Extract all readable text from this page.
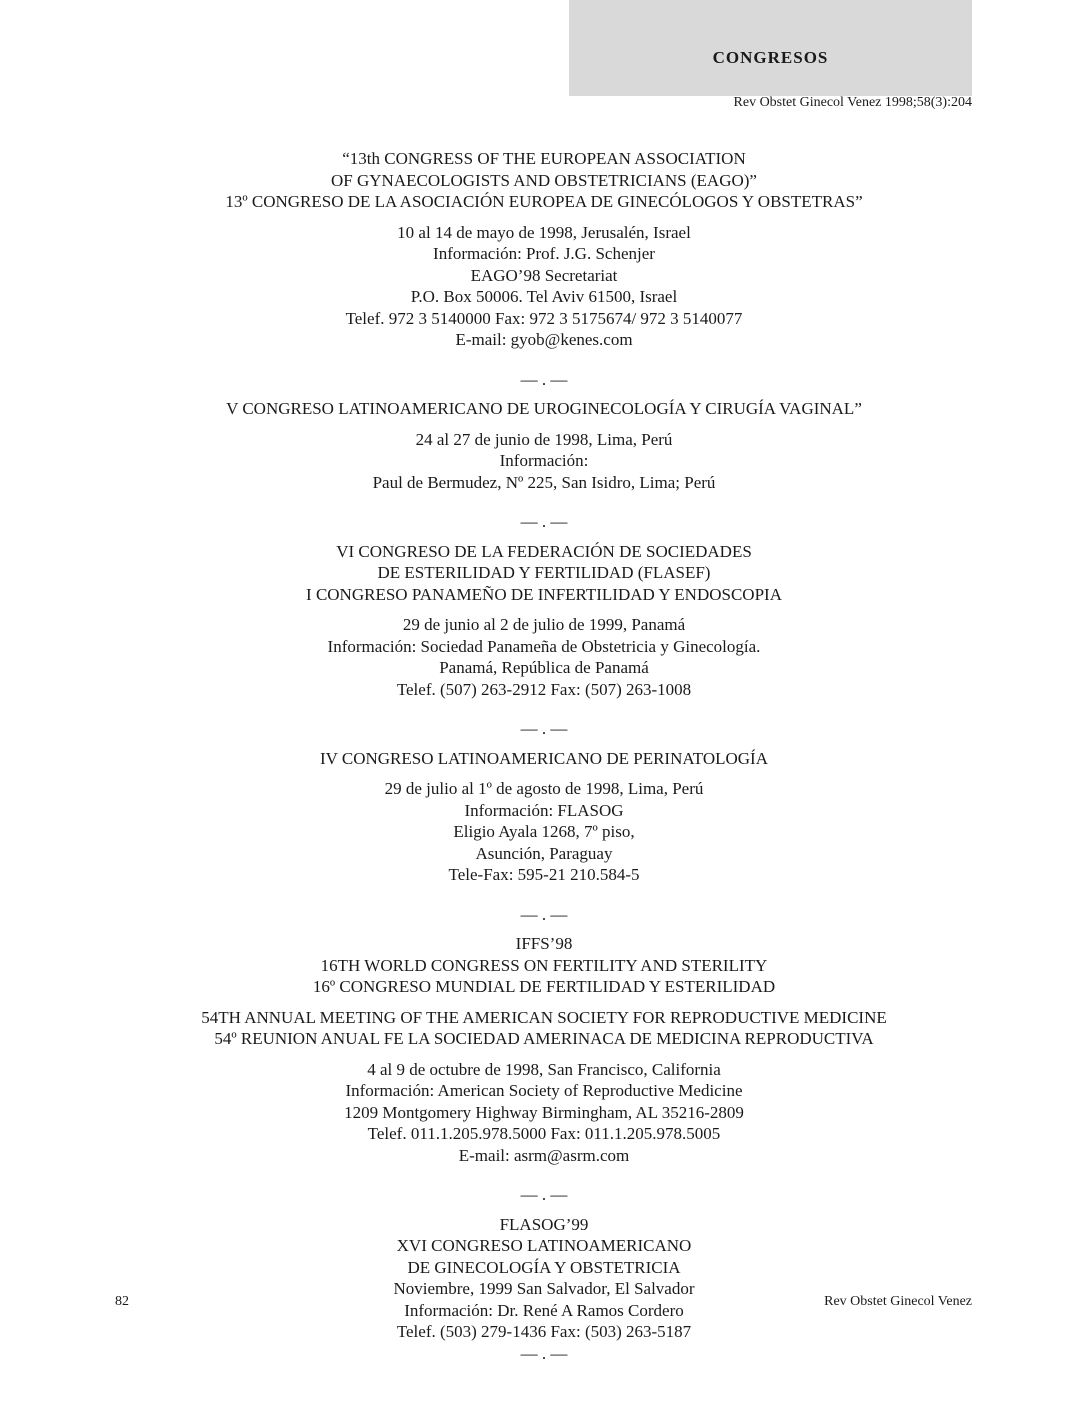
CONGRESOS
Rev Obstet Ginecol Venez 1998;58(3):204
“13th CONGRESS OF THE EUROPEAN ASSOCIATION
OF GYNAECOLOGISTS AND OBSTETRICIANS (EAGO)”
13º CONGRESO DE LA ASOCIACIÓN EUROPEA DE GINECÓLOGOS Y OBSTETRAS”
10 al 14 de mayo de 1998, Jerusalén, Israel
Información: Prof. J.G. Schenjer
EAGO’98 Secretariat
P.O. Box 50006. Tel Aviv 61500, Israel
Telef. 972 3 5140000 Fax: 972 3 5175674/ 972 3 5140077
E-mail: gyob@kenes.com
— . —
V CONGRESO LATINOAMERICANO DE UROGINECOLOGÍA Y CIRUGÍA VAGINAL”
24 al 27 de junio de 1998, Lima, Perú
Información:
Paul de Bermudez, Nº 225, San Isidro, Lima; Perú
— . —
VI CONGRESO DE LA FEDERACIÓN DE SOCIEDADES
DE ESTERILIDAD Y FERTILIDAD (FLASEF)
I CONGRESO PANAMEÑO DE INFERTILIDAD Y ENDOSCOPIA
29 de junio al 2 de julio de 1999, Panamá
Información: Sociedad Panameña de Obstetricia y Ginecología.
Panamá, República de Panamá
Telef. (507) 263-2912 Fax: (507) 263-1008
— . —
IV CONGRESO LATINOAMERICANO DE PERINATOLOGÍA
29 de julio al 1º de agosto de 1998, Lima, Perú
Información: FLASOG
Eligio Ayala 1268, 7º piso,
Asunción, Paraguay
Tele-Fax: 595-21 210.584-5
— . —
IFFS’98
16TH WORLD CONGRESS ON FERTILITY AND STERILITY
16º CONGRESO MUNDIAL DE FERTILIDAD Y ESTERILIDAD
54TH ANNUAL MEETING OF THE AMERICAN SOCIETY FOR REPRODUCTIVE MEDICINE
54º REUNION ANUAL FE LA SOCIEDAD AMERINACA DE MEDICINA REPRODUCTIVA
4 al 9 de octubre de 1998, San Francisco, California
Información: American Society of Reproductive Medicine
1209 Montgomery Highway Birmingham, AL 35216-2809
Telef. 011.1.205.978.5000 Fax: 011.1.205.978.5005
E-mail: asrm@asrm.com
— . —
FLASOG’99
XVI CONGRESO LATINOAMERICANO
DE GINECOLOGÍA Y OBSTETRICIA
Noviembre, 1999 San Salvador, El Salvador
Información: Dr. René A Ramos Cordero
Telef. (503) 279-1436 Fax: (503) 263-5187
— . —
82	Rev Obstet Ginecol Venez
